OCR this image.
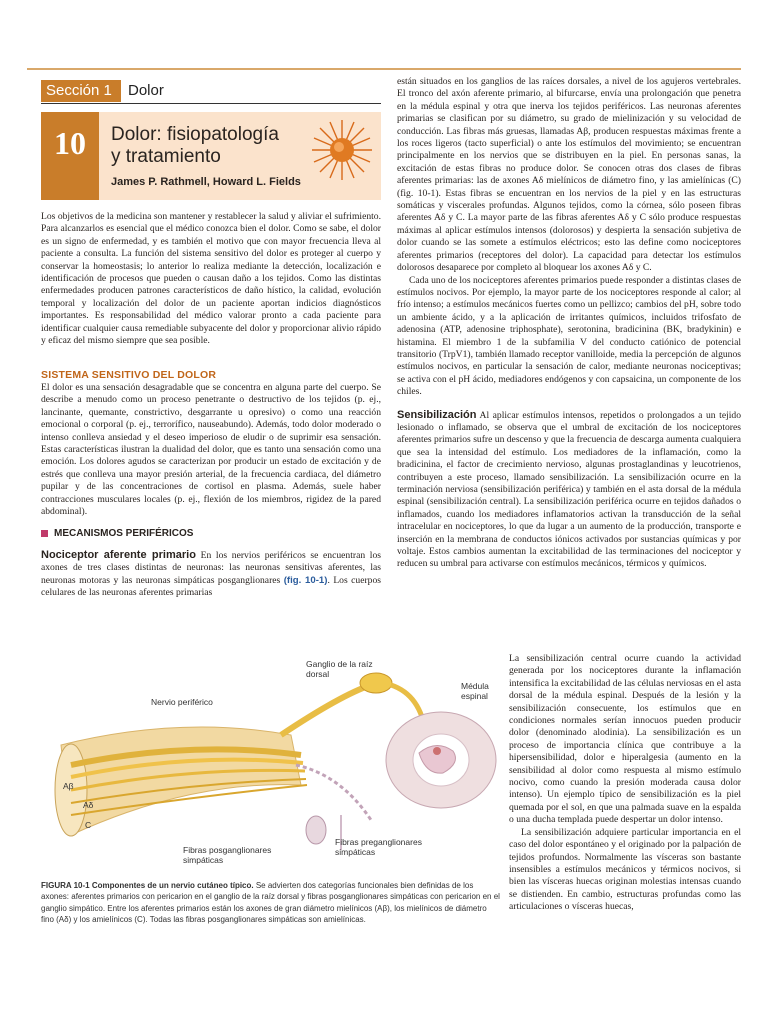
Sección 1	Dolor
10	Dolor: fisiopatología
y tratamiento
James P. Rathmell, Howard L. Fields

Los objetivos de la medicina son mantener y restablecer la salud y aliviar el sufrimiento. Para alcanzarlos es esencial que el médico conozca bien el dolor. Como se sabe, el dolor es un signo de enfermedad, y es también el motivo que con mayor frecuencia lleva al paciente a consulta. La función del sistema sensitivo del dolor es proteger al cuerpo y conservar la homeostasis; lo anterior lo realiza mediante la detección, localización e identificación de procesos que pueden o causan daño a los tejidos. Como las distintas enfermedades producen patrones característicos de daño hístico, la calidad, evolución temporal y localización del dolor de un paciente aportan indicios diagnósticos importantes. Es responsabilidad del médico valorar pronto a cada paciente para identificar cualquier causa remediable subyacente del dolor y proporcionar alivio rápido y eficaz del mismo siempre que sea posible.

SISTEMA SENSITIVO DEL DOLOR

El dolor es una sensación desagradable que se concentra en alguna parte del cuerpo. Se describe a menudo como un proceso penetrante o destructivo de los tejidos (p. ej., lancinante, quemante, constrictivo, desgarrante u opresivo) o como una reacción emocional o corporal (p. ej., terrorífico, nauseabundo). Además, todo dolor moderado o intenso conlleva ansiedad y el deseo imperioso de eludir o de suprimir esa sensación. Estas características ilustran la dualidad del dolor, que es tanto una sensación como una emoción. Los dolores agudos se caracterizan por producir un estado de excitación y de estrés que conlleva una mayor presión arterial, de la frecuencia cardiaca, del diámetro pupilar y de las concentraciones de cortisol en plasma. Además, suele haber contracciones musculares locales (p. ej., flexión de los miembros, rigidez de la pared abdominal).

MECANISMOS PERIFÉRICOS

Nociceptor aferente primario En los nervios periféricos se encuentran los axones de tres clases distintas de neuronas: las neuronas sensitivas aferentes, las neuronas motoras y las neuronas simpáticas posganglionares (fig. 10-1). Los cuerpos celulares de las neuronas aferentes primarias

están situados en los ganglios de las raíces dorsales, a nivel de los agujeros vertebrales. El tronco del axón aferente primario, al bifurcarse, envía una prolongación que penetra en la médula espinal y otra que inerva los tejidos periféricos. Las neuronas aferentes primarias se clasifican por su diámetro, su grado de mielinización y su velocidad de conducción. Las fibras más gruesas, llamadas Aβ, producen respuestas máximas frente a los roces ligeros (tacto superficial) o ante los estímulos del movimiento; se encuentran principalmente en los nervios que se distribuyen en la piel. En personas sanas, la excitación de estas fibras no produce dolor. Se conocen otras dos clases de fibras aferentes primarias: las de axones Aδ mielínicos de diámetro fino, y las amielínicas (C) (fig. 10-1). Estas fibras se encuentran en los nervios de la piel y en las estructuras somáticas y viscerales profundas. Algunos tejidos, como la córnea, sólo poseen fibras aferentes Aδ y C. La mayor parte de las fibras aferentes Aδ y C sólo produce respuestas máximas al aplicar estímulos intensos (dolorosos) y despierta la sensación subjetiva de dolor cuando se las somete a estímulos eléctricos; esto las define como nociceptores aferentes primarios (receptores del dolor). La capacidad para detectar los estímulos dolorosos desaparece por completo al bloquear los axones Aδ y C.

Cada uno de los nociceptores aferentes primarios puede responder a distintas clases de estímulos nocivos. Por ejemplo, la mayor parte de los nociceptores responde al calor; al frío intenso; a estímulos mecánicos fuertes como un pellizco; cambios del pH, sobre todo un ambiente ácido, y a la aplicación de irritantes químicos, incluidos trifosfato de adenosina (ATP, adenosine triphosphate), serotonina, bradicinina (BK, bradykinin) e histamina. El miembro 1 de la subfamilia V del conducto catiónico de potencial transitorio (TrpV1), también llamado receptor vanilloide, media la percepción de algunos estímulos nocivos, en particular la sensación de calor, mediante neuronas nociceptivas; se activa con el pH ácido, mediadores endógenos y con capsaicina, un componente de los chiles.

Sensibilización Al aplicar estímulos intensos, repetidos o prolongados a un tejido lesionado o inflamado, se observa que el umbral de excitación de los nociceptores aferentes primarios sufre un descenso y que la frecuencia de descarga aumenta cualquiera que sea la intensidad del estímulo. Los mediadores de la inflamación, como la bradicinina, el factor de crecimiento nervioso, algunas prostaglandinas y leucotrienos, contribuyen a este proceso, llamado sensibilización. La sensibilización ocurre en la terminación nerviosa (sensibilización periférica) y también en el asta dorsal de la médula espinal (sensibilización central). La sensibilización periférica ocurre en tejidos dañados o inflamados, cuando los mediadores inflamatorios activan la transducción de la señal intracelular en nociceptores, lo que da lugar a un aumento de la producción, transporte e inserción en la membrana de conductos iónicos activados por sustancias químicas y por voltaje. Estos cambios aumentan la excitabilidad de las terminaciones del nociceptor y reducen su umbral para activarse con estímulos mecánicos, térmicos y químicos.

La sensibilización central ocurre cuando la actividad generada por los nociceptores durante la inflamación intensifica la excitabilidad de las células nerviosas en el asta dorsal de la médula espinal. Después de la lesión y la sensibilización consecuente, los estímulos que en condiciones normales serían innocuos pueden producir dolor (denominado alodinia). La sensibilización es un proceso de importancia clínica que contribuye a la hipersensibilidad, dolor e hiperalgesia (aumento en la sensibilidad al dolor como respuesta al mismo estímulo nocivo, como cuando la presión moderada causa dolor intenso). Un ejemplo típico de sensibilización es la piel quemada por el sol, en que una palmada suave en la espalda o una ducha templada puede despertar un dolor intenso.

La sensibilización adquiere particular importancia en el caso del dolor espontáneo y el originado por la palpación de tejidos profundos. Normalmente las vísceras son bastante insensibles a estímulos mecánicos y térmicos nocivos, si bien las vísceras huecas originan molestias intensas cuando se distienden. En cambio, estructuras profundas como las articulaciones o vísceras huecas,

Ganglio de la raíz dorsal
Médula espinal
Nervio periférico
Aβ
Aδ
C
Fibras preganglionares simpáticas
Fibras posganglionares simpáticas
FIGURA 10-1 Componentes de un nervio cutáneo típico. Se advierten dos categorías funcionales bien definidas de los axones: aferentes primarios con pericarion en el ganglio de la raíz dorsal y fibras posganglionares simpáticas con pericarion en el ganglio simpático. Entre los aferentes primarios están los axones de gran diámetro mielínicos (Aβ), los mielínicos de diámetro fino (Aδ) y los amielínicos (C). Todas las fibras posganglionares simpáticas son amielínicas.
